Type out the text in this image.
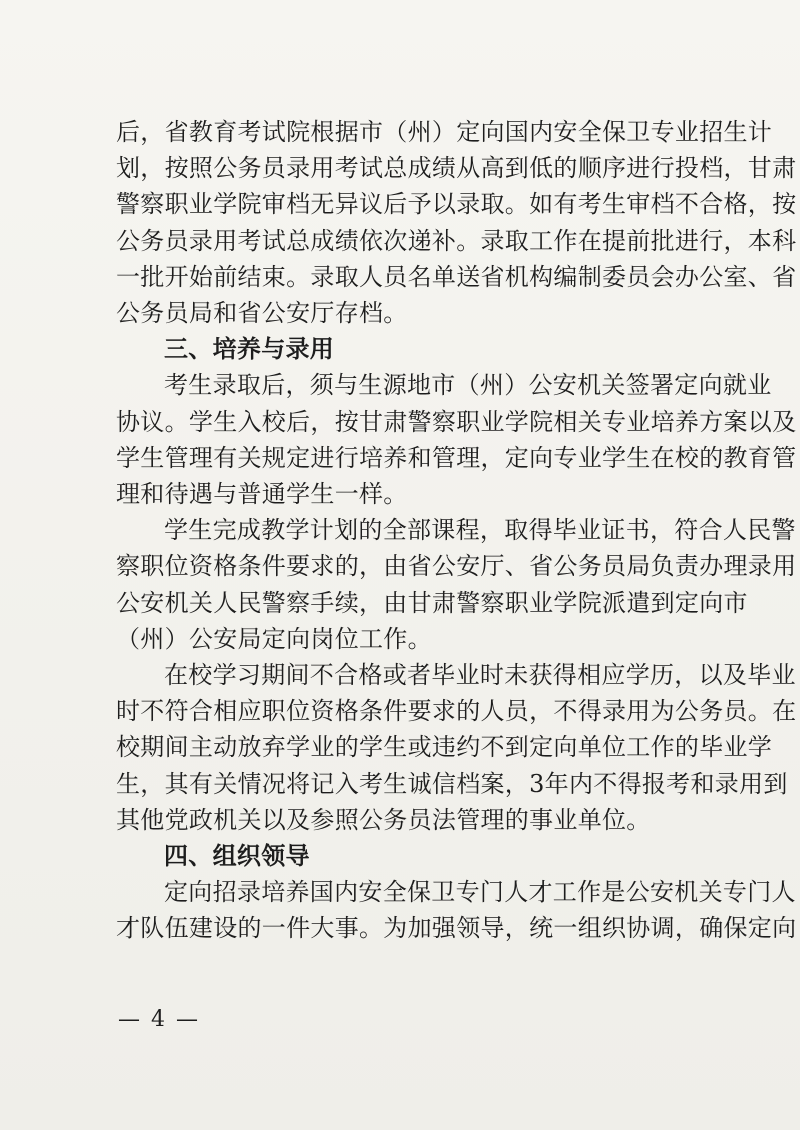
后，省教育考试院根据市（州）定向国内安全保卫专业招生计
划，按照公务员录用考试总成绩从高到低的顺序进行投档，甘肃
警察职业学院审档无异议后予以录取。如有考生审档不合格，按
公务员录用考试总成绩依次递补。录取工作在提前批进行，本科
一批开始前结束。录取人员名单送省机构编制委员会办公室、省
公务员局和省公安厅存档。
三、培养与录用
考生录取后，须与生源地市（州）公安机关签署定向就业
协议。学生入校后，按甘肃警察职业学院相关专业培养方案以及
学生管理有关规定进行培养和管理，定向专业学生在校的教育管
理和待遇与普通学生一样。
学生完成教学计划的全部课程，取得毕业证书，符合人民警
察职位资格条件要求的，由省公安厅、省公务员局负责办理录用
公安机关人民警察手续，由甘肃警察职业学院派遣到定向市
（州）公安局定向岗位工作。
在校学习期间不合格或者毕业时未获得相应学历，以及毕业
时不符合相应职位资格条件要求的人员，不得录用为公务员。在
校期间主动放弃学业的学生或违约不到定向单位工作的毕业学
生，其有关情况将记入考生诚信档案，3年内不得报考和录用到
其他党政机关以及参照公务员法管理的事业单位。
四、组织领导
定向招录培养国内安全保卫专门人才工作是公安机关专门人
才队伍建设的一件大事。为加强领导，统一组织协调，确保定向
— 4 —
